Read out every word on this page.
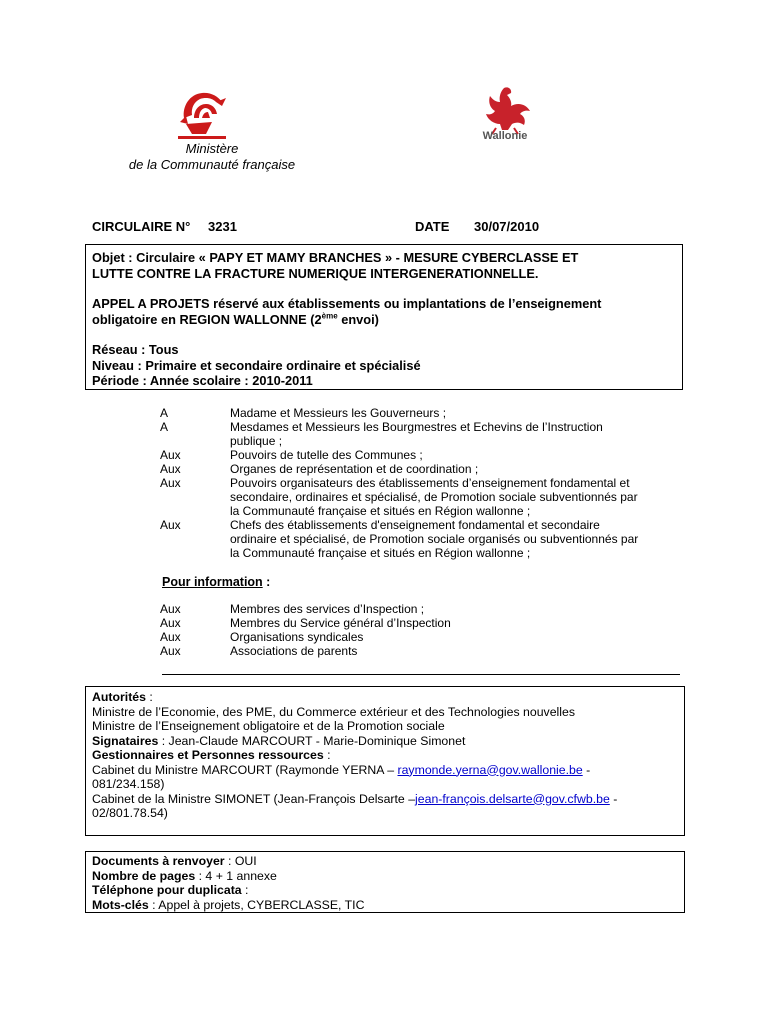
Ministère
de la Communauté française
Wallonie
CIRCULAIRE N° 3231	DATE 30/07/2010

Objet : Circulaire « PAPY ET MAMY BRANCHES » - MESURE CYBERCLASSE ET

LUTTE CONTRE LA FRACTURE NUMERIQUE INTERGENERATIONNELLE.

APPEL A PROJETS réservé aux établissements ou implantations de l’enseignement

obligatoire en REGION WALLONNE (2ème envoi)

Réseau : Tous

Niveau : Primaire et secondaire ordinaire et spécialisé

Période : Année scolaire : 2010-2011

A	Madame et Messieurs les Gouverneurs ;
A	Mesdames et Messieurs les Bourgmestres et Echevins de l’Instruction
publique ;
Aux	Pouvoirs de tutelle des Communes ;
Aux	Organes de représentation et de coordination ;
Aux	Pouvoirs organisateurs des établissements d’enseignement fondamental et
secondaire, ordinaires et spécialisé, de Promotion sociale subventionnés par
la Communauté française et situés en Région wallonne ;
Aux	Chefs des établissements d'enseignement fondamental et secondaire
ordinaire et spécialisé, de Promotion sociale organisés ou subventionnés par
la Communauté française et situés en Région wallonne ;
Pour information :
Aux	Membres des services d’Inspection ;
Aux	Membres du Service général d’Inspection
Aux	Organisations syndicales
Aux	Associations de parents

Autorités :

Ministre de l’Economie, des PME, du Commerce extérieur et des Technologies nouvelles

Ministre de l’Enseignement obligatoire et de la Promotion sociale

Signataires : Jean-Claude MARCOURT - Marie-Dominique Simonet

Gestionnaires et Personnes ressources :

Cabinet du Ministre MARCOURT (Raymonde YERNA – raymonde.yerna@gov.wallonie.be -

081/234.158)

Cabinet de la Ministre SIMONET (Jean-François Delsarte –jean-françois.delsarte@gov.cfwb.be -

02/801.78.54)

Documents à renvoyer : OUI

Nombre de pages : 4 + 1 annexe

Téléphone pour duplicata :

Mots-clés : Appel à projets, CYBERCLASSE, TIC
